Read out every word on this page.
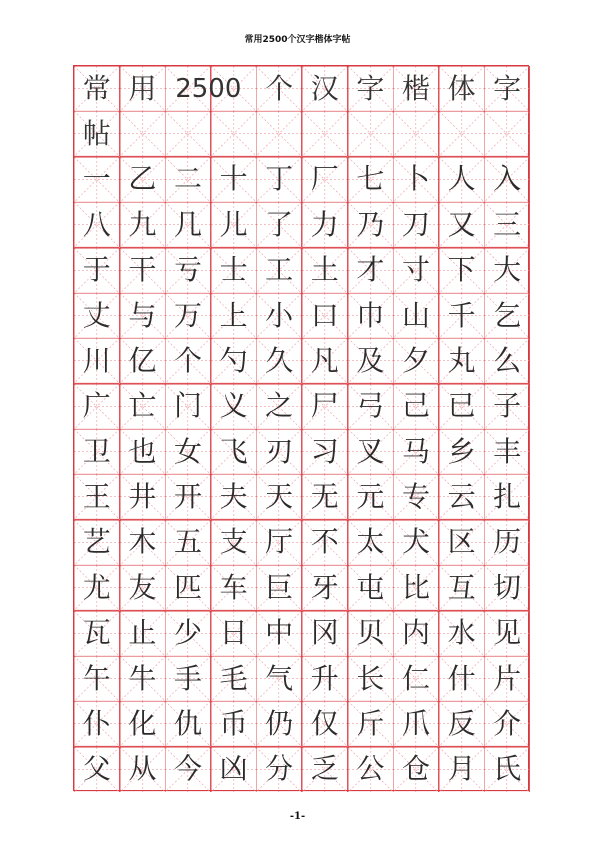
常用2500个汉字楷体字帖
常 用	个 汉 字 楷 体 字
帖
2500
一 乙 二 十 丁 厂 七 卜 人 入
八 九 几 儿 了 力 乃 刀 又 三
于 干 亏 士 工 土 才 寸 下 大
丈 与 万 上 小 口 巾 山 千 乞
川 亿 个 勺 久 凡 及 夕 丸 么
广 亡 门 义 之 尸 弓 己 已 子
卫 也 女 飞 刃 习 叉 马 乡 丰
王 井 开 夫 天 无 元 专 云 扎
艺 木 五 支 厅 不 太 犬 区 历
尤 友 匹 车 巨 牙 屯 比 互 切
瓦 止 少 日 中 冈 贝 内 水 见
午 牛 手 毛 气 升 长 仁 什 片
仆 化 仇 币 仍 仅 斤 爪 反 介
父 从 今 凶 分 乏 公 仓 月 氏
-1-
